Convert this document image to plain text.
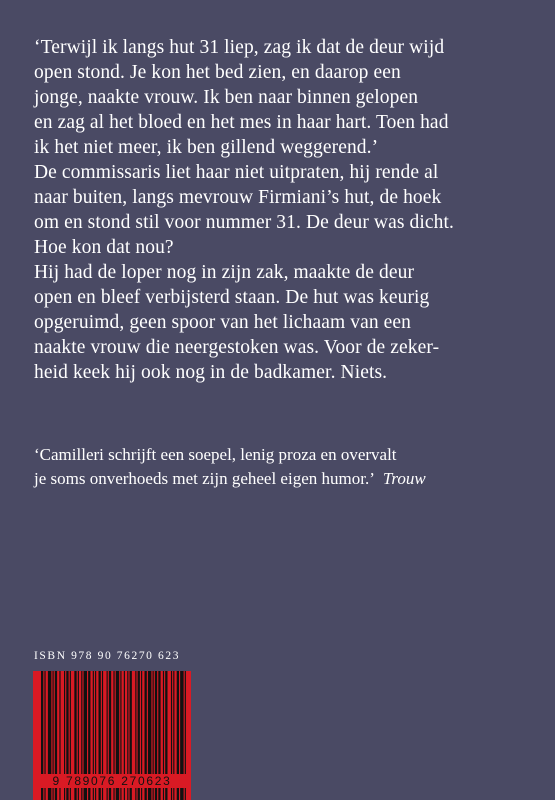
‘Terwijl ik langs hut 31 liep, zag ik dat de deur wijd

open stond. Je kon het bed zien, en daarop een

jonge, naakte vrouw. Ik ben naar binnen gelopen

en zag al het bloed en het mes in haar hart. Toen had

ik het niet meer, ik ben gillend weggerend.’

De commissaris liet haar niet uitpraten, hij rende al

naar buiten, langs mevrouw Firmiani’s hut, de hoek

om en stond stil voor nummer 31. De deur was dicht.

Hoe kon dat nou?

Hij had de loper nog in zijn zak, maakte de deur

open en bleef verbijsterd staan. De hut was keurig

opgeruimd, geen spoor van het lichaam van een

naakte vrouw die neergestoken was. Voor de zeker-

heid keek hij ook nog in de badkamer. Niets.

‘Camilleri schrijft een soepel, lenig proza en overvalt

je soms onverhoeds met zijn geheel eigen humor.’ Trouw

ISBN 978 90 76270 623
9 789076 270623
